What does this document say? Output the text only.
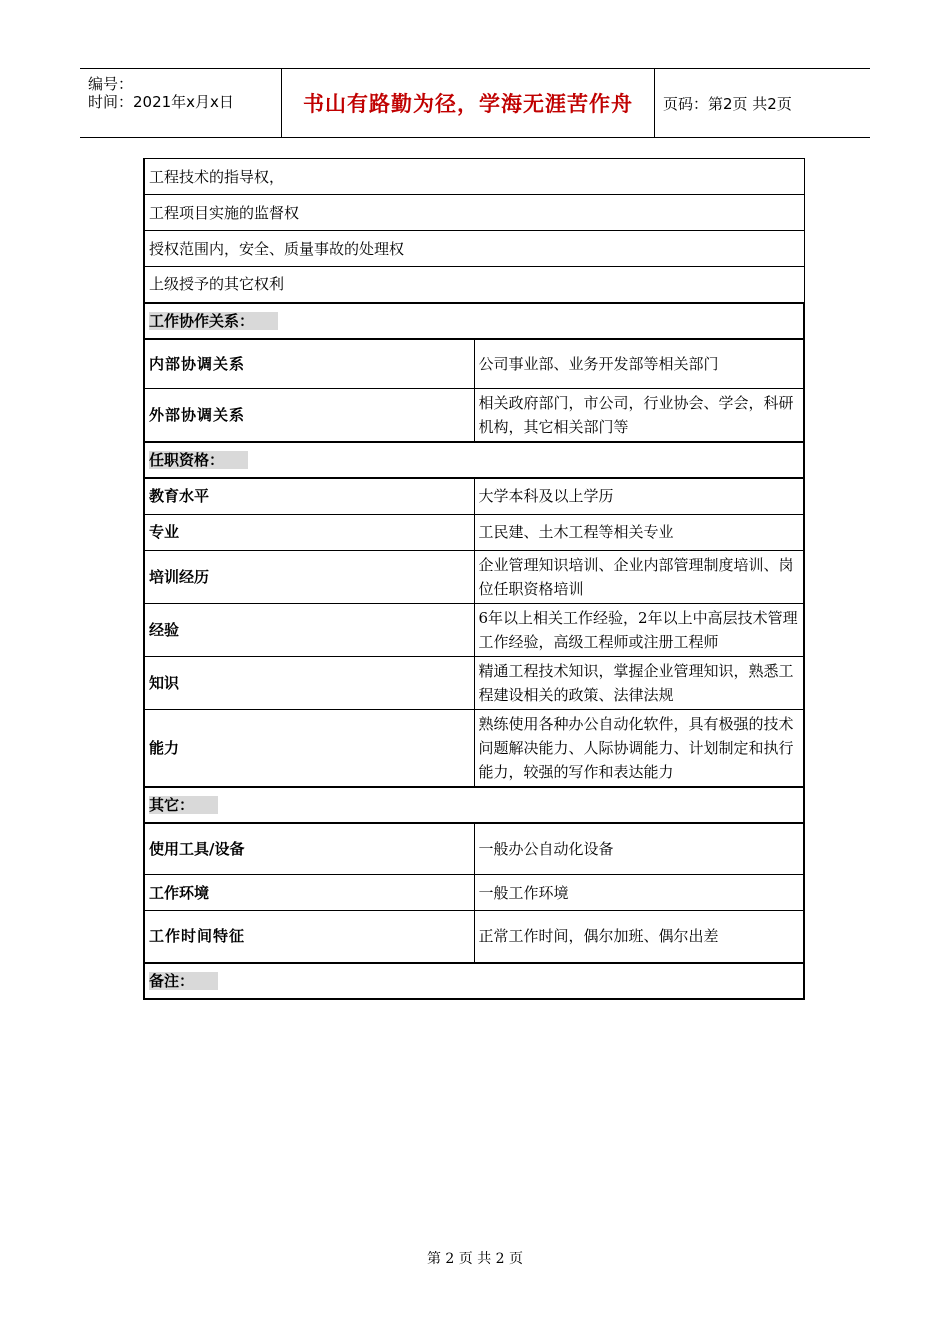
编号：
时间：2021年x月x日	书山有路勤为径，学海无涯苦作舟	页码：第2页 共2页
工程技术的指导权，	
工程项目实施的监督权	
授权范围内，安全、质量事故的处理权	
上级授予的其它权利	
工作协作关系：	
内部协调关系	公司事业部、业务开发部等相关部门
外部协调关系	相关政府部门，市公司，行业协会、学会，科研机构，其它相关部门等
任职资格：	
教育水平	大学本科及以上学历
专业	工民建、土木工程等相关专业
培训经历	企业管理知识培训、企业内部管理制度培训、岗位任职资格培训
经验	6年以上相关工作经验，2年以上中高层技术管理工作经验，高级工程师或注册工程师
知识	精通工程技术知识，掌握企业管理知识，熟悉工程建设相关的政策、法律法规
能力	熟练使用各种办公自动化软件，具有极强的技术问题解决能力、人际协调能力、计划制定和执行能力，较强的写作和表达能力
其它：	
使用工具/设备	一般办公自动化设备
工作环境	一般工作环境
工作时间特征	正常工作时间，偶尔加班、偶尔出差
备注：	
第 2 页 共 2 页
